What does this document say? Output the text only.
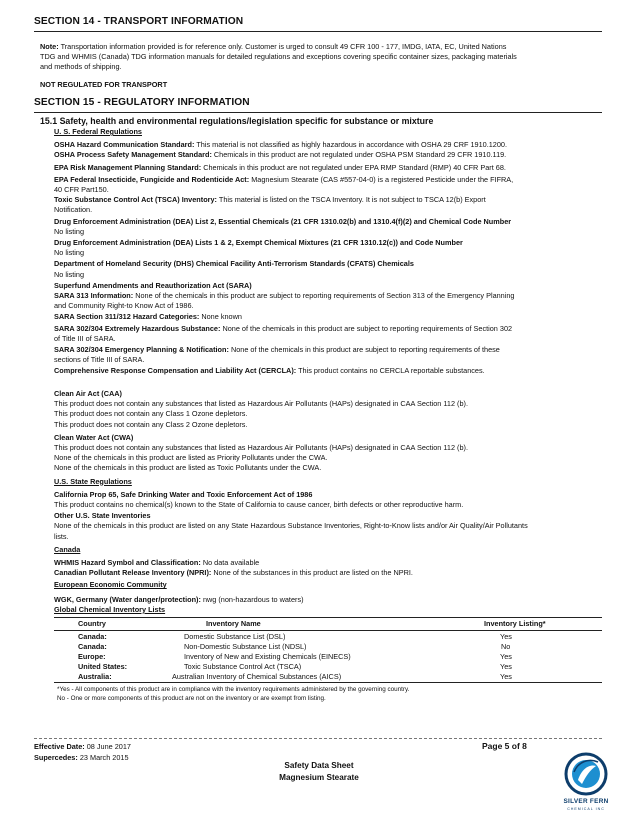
SECTION 14 - TRANSPORT INFORMATION
Note: Transportation information provided is for reference only. Customer is urged to consult 49 CFR 100 - 177, IMDG, IATA, EC, United Nations
TDG and WHMIS (Canada) TDG information manuals for detailed regulations and exceptions covering specific container sizes, packaging materials
and methods of shipping.
NOT REGULATED FOR TRANSPORT
SECTION 15 - REGULATORY INFORMATION
15.1 Safety, health and environmental regulations/legislation specific for substance or mixture
U. S. Federal Regulations
OSHA Hazard Communication Standard: This material is not classified as highly hazardous in accordance with OSHA 29 CRF 1910.1200.
OSHA Process Safety Management Standard: Chemicals in this product are not regulated under OSHA PSM Standard 29 CFR 1910.119.
EPA Risk Management Planning Standard: Chemicals in this product are not regulated under EPA RMP Standard (RMP) 40 CFR Part 68.
EPA Federal Insecticide, Fungicide and Rodenticide Act: Magnesium Stearate (CAS #557-04-0) is a registered Pesticide under the FIFRA,
40 CFR Part150.
Toxic Substance Control Act (TSCA) Inventory: This material is listed on the TSCA Inventory. It is not subject to TSCA 12(b) Export
Notification.
Drug Enforcement Administration (DEA) List 2, Essential Chemicals (21 CFR 1310.02(b) and 1310.4(f)(2) and Chemical Code Number
No listing
Drug Enforcement Administration (DEA) Lists 1 & 2, Exempt Chemical Mixtures (21 CFR 1310.12(c)) and Code Number
No listing
Department of Homeland Security (DHS) Chemical Facility Anti-Terrorism Standards (CFATS) Chemicals
No listing
Superfund Amendments and Reauthorization Act (SARA)
SARA 313 Information: None of the chemicals in this product are subject to reporting requirements of Section 313 of the Emergency Planning
and Community Right-to Know Act of 1986.
SARA Section 311/312 Hazard Categories: None known
SARA 302/304 Extremely Hazardous Substance: None of the chemicals in this product are subject to reporting requirements of Section 302
of Title III of SARA.
SARA 302/304 Emergency Planning & Notification: None of the chemicals in this product are subject to reporting requirements of these
sections of Title III of SARA.
Comprehensive Response Compensation and Liability Act (CERCLA): This product contains no CERCLA reportable substances.
Clean Air Act (CAA)
This product does not contain any substances that listed as Hazardous Air Pollutants (HAPs) designated in CAA Section 112 (b).
This product does not contain any Class 1 Ozone depletors.
This product does not contain any Class 2 Ozone depletors.
Clean Water Act (CWA)
This product does not contain any substances that listed as Hazardous Air Pollutants (HAPs) designated in CAA Section 112 (b).
None of the chemicals in this product are listed as Priority Pollutants under the CWA.
None of the chemicals in this product are listed as Toxic Pollutants under the CWA.
U.S. State Regulations
California Prop 65, Safe Drinking Water and Toxic Enforcement Act of 1986
This product contains no chemical(s) known to the State of California to cause cancer, birth defects or other reproductive harm.
Other U.S. State Inventories
None of the chemicals in this product are listed on any State Hazardous Substance Inventories, Right-to-Know lists and/or Air Quality/Air Pollutants
lists.
Canada
WHMIS Hazard Symbol and Classification: No data available
Canadian Pollutant Release Inventory (NPRI): None of the substances in this product are listed on the NPRI.
European Economic Community
WGK, Germany (Water danger/protection): nwg (non-hazardous to waters)
Global Chemical Inventory Lists
Country	Inventory Name	Inventory Listing*
Canada:	Domestic Substance List (DSL)	Yes
Canada:	Non-Domestic Substance List (NDSL)	No
Europe:	Inventory of New and Existing Chemicals (EINECS)	Yes
United States:	Toxic Substance Control Act (TSCA)	Yes
Australia:	Australian Inventory of Chemical Substances (AICS)	Yes
*Yes - All components of this product are in compliance with the inventory requirements administered by the governing country.
No - One or more components of this product are not on the inventory or are exempt from listing.
Effective Date: 08 June 2017
Supercedes: 23 March 2015
Page 5 of 8
Safety Data Sheet
Magnesium Stearate
SILVER FERN
CHEMICAL INC
